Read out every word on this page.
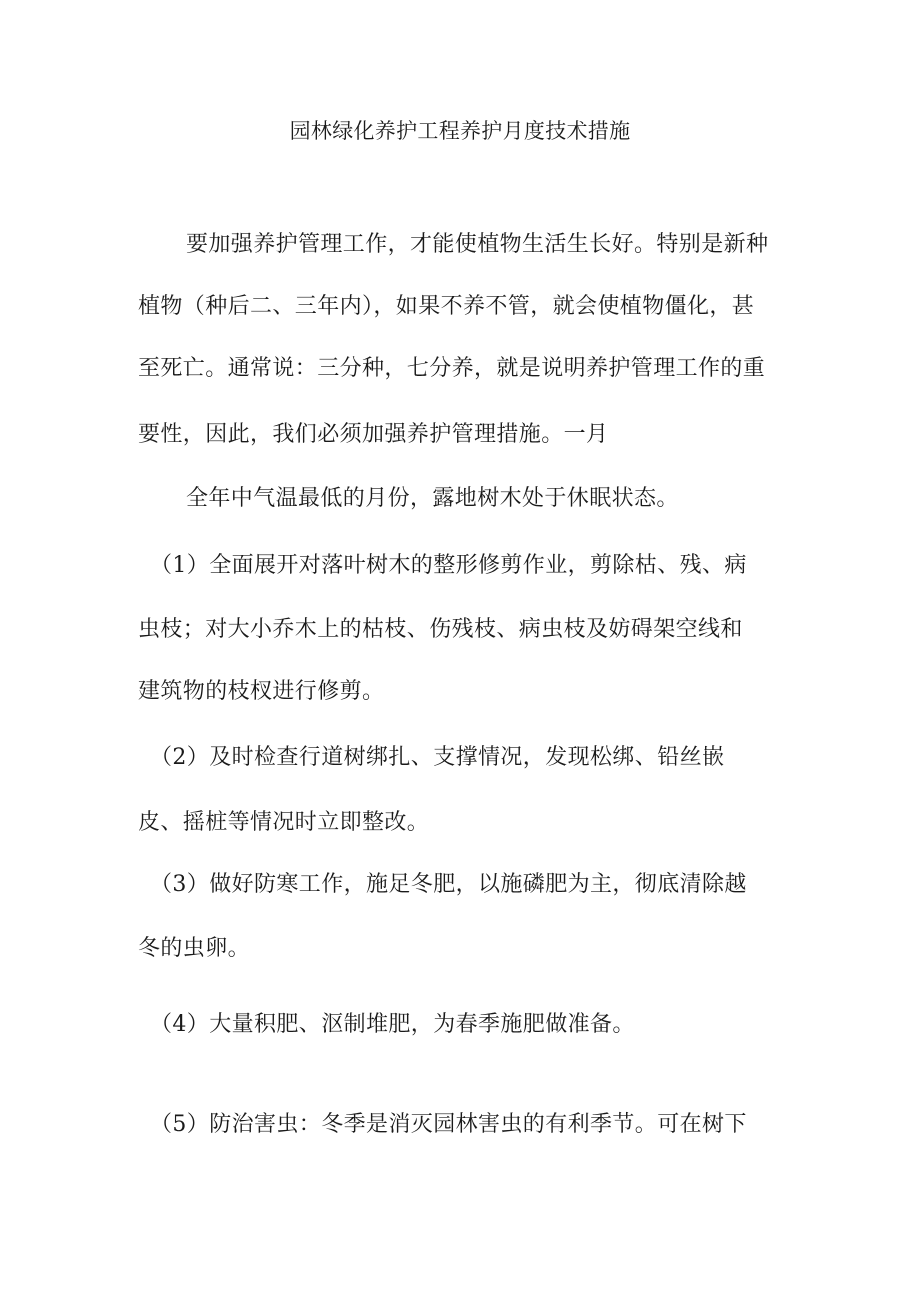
园林绿化养护工程养护月度技术措施
要加强养护管理工作，才能使植物生活生长好。特别是新种
植物（种后二、三年内），如果不养不管，就会使植物僵化，甚
至死亡。通常说：三分种，七分养，就是说明养护管理工作的重
要性，因此，我们必须加强养护管理措施。一月
全年中气温最低的月份，露地树木处于休眠状态。
（1）全面展开对落叶树木的整形修剪作业，剪除枯、残、病
虫枝；对大小乔木上的枯枝、伤残枝、病虫枝及妨碍架空线和
建筑物的枝杈进行修剪。
（2）及时检查行道树绑扎、支撑情况，发现松绑、铅丝嵌
皮、摇桩等情况时立即整改。
（3）做好防寒工作，施足冬肥，以施磷肥为主，彻底清除越
冬的虫卵。
（4）大量积肥、沤制堆肥，为春季施肥做准备。
（5）防治害虫：冬季是消灭园林害虫的有利季节。可在树下
